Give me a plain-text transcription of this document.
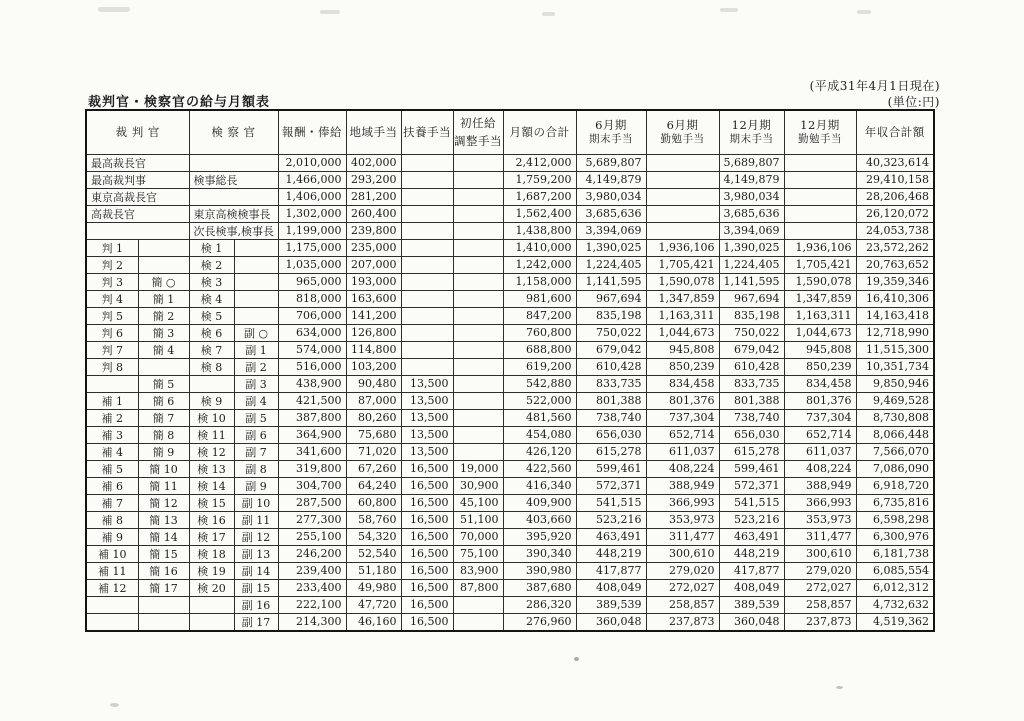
裁判官・検察官の給与月額表
(平成31年4月1日現在)
(単位:円)
裁 判 官		検 察 官		報酬・俸給	地域手当	扶養手当	初任給
調整手当	月額の合計	6月期
期末手当	6月期
勤勉手当	12月期
期末手当	12月期
勤勉手当	年収合計額
最高裁長官				2,010,000	402,000			2,412,000	5,689,807		5,689,807		40,323,614
最高裁判事		検事総長		1,466,000	293,200			1,759,200	4,149,879		4,149,879		29,410,158
東京高裁長官				1,406,000	281,200			1,687,200	3,980,034		3,980,034		28,206,468
高裁長官		東京高検検事長		1,302,000	260,400			1,562,400	3,685,636		3,685,636		26,120,072
		次長検事,検事長		1,199,000	239,800			1,438,800	3,394,069		3,394,069		24,053,738
判 1		検 1		1,175,000	235,000			1,410,000	1,390,025	1,936,106	1,390,025	1,936,106	23,572,262
判 2		検 2		1,035,000	207,000			1,242,000	1,224,405	1,705,421	1,224,405	1,705,421	20,763,652
判 3	簡 ○	検 3		965,000	193,000			1,158,000	1,141,595	1,590,078	1,141,595	1,590,078	19,359,346
判 4	簡 1	検 4		818,000	163,600			981,600	967,694	1,347,859	967,694	1,347,859	16,410,306
判 5	簡 2	検 5		706,000	141,200			847,200	835,198	1,163,311	835,198	1,163,311	14,163,418
判 6	簡 3	検 6	副 ○	634,000	126,800			760,800	750,022	1,044,673	750,022	1,044,673	12,718,990
判 7	簡 4	検 7	副 1	574,000	114,800			688,800	679,042	945,808	679,042	945,808	11,515,300
判 8		検 8	副 2	516,000	103,200			619,200	610,428	850,239	610,428	850,239	10,351,734
	簡 5		副 3	438,900	90,480	13,500		542,880	833,735	834,458	833,735	834,458	9,850,946
補 1	簡 6	検 9	副 4	421,500	87,000	13,500		522,000	801,388	801,376	801,388	801,376	9,469,528
補 2	簡 7	検 10	副 5	387,800	80,260	13,500		481,560	738,740	737,304	738,740	737,304	8,730,808
補 3	簡 8	検 11	副 6	364,900	75,680	13,500		454,080	656,030	652,714	656,030	652,714	8,066,448
補 4	簡 9	検 12	副 7	341,600	71,020	13,500		426,120	615,278	611,037	615,278	611,037	7,566,070
補 5	簡 10	検 13	副 8	319,800	67,260	16,500	19,000	422,560	599,461	408,224	599,461	408,224	7,086,090
補 6	簡 11	検 14	副 9	304,700	64,240	16,500	30,900	416,340	572,371	388,949	572,371	388,949	6,918,720
補 7	簡 12	検 15	副 10	287,500	60,800	16,500	45,100	409,900	541,515	366,993	541,515	366,993	6,735,816
補 8	簡 13	検 16	副 11	277,300	58,760	16,500	51,100	403,660	523,216	353,973	523,216	353,973	6,598,298
補 9	簡 14	検 17	副 12	255,100	54,320	16,500	70,000	395,920	463,491	311,477	463,491	311,477	6,300,976
補 10	簡 15	検 18	副 13	246,200	52,540	16,500	75,100	390,340	448,219	300,610	448,219	300,610	6,181,738
補 11	簡 16	検 19	副 14	239,400	51,180	16,500	83,900	390,980	417,877	279,020	417,877	279,020	6,085,554
補 12	簡 17	検 20	副 15	233,400	49,980	16,500	87,800	387,680	408,049	272,027	408,049	272,027	6,012,312
			副 16	222,100	47,720	16,500		286,320	389,539	258,857	389,539	258,857	4,732,632
			副 17	214,300	46,160	16,500		276,960	360,048	237,873	360,048	237,873	4,519,362
